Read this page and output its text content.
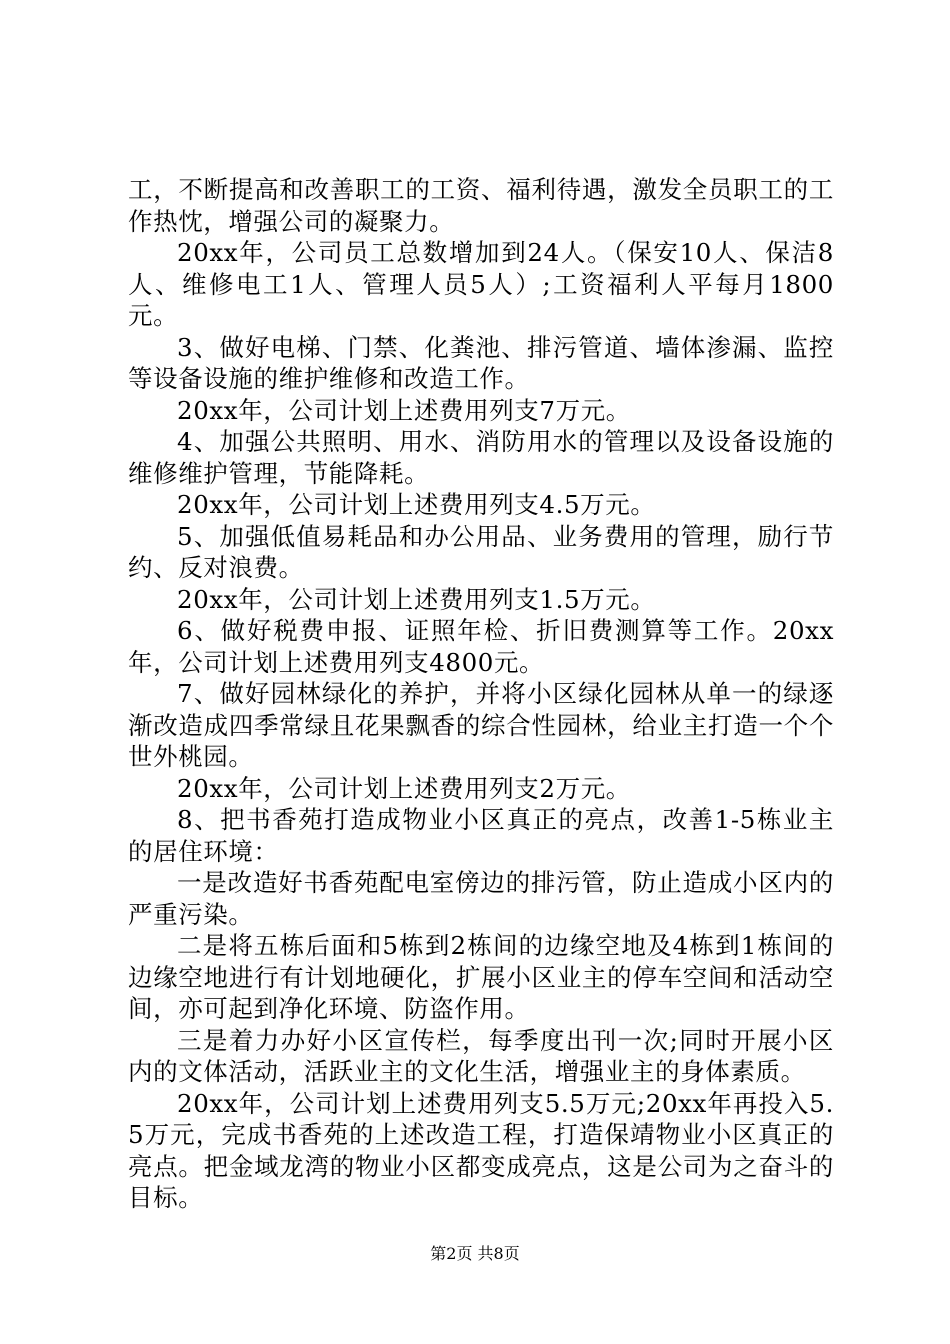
工，不断提高和改善职工的工资、福利待遇，激发全员职工的工作热忱，增强公司的凝聚力。

20xx年，公司员工总数增加到24人。（保安10人、保洁8人、维修电工1人、管理人员5人）;工资福利人平每月1800元。

3、做好电梯、门禁、化粪池、排污管道、墙体渗漏、监控等设备设施的维护维修和改造工作。

20xx年，公司计划上述费用列支7万元。

4、加强公共照明、用水、消防用水的管理以及设备设施的维修维护管理，节能降耗。

20xx年，公司计划上述费用列支4.5万元。

5、加强低值易耗品和办公用品、业务费用的管理，励行节约、反对浪费。

20xx年，公司计划上述费用列支1.5万元。

6、做好税费申报、证照年检、折旧费测算等工作。20xx年，公司计划上述费用列支4800元。

7、做好园林绿化的养护，并将小区绿化园林从单一的绿逐渐改造成四季常绿且花果飘香的综合性园林，给业主打造一个个世外桃园。

20xx年，公司计划上述费用列支2万元。

8、把书香苑打造成物业小区真正的亮点，改善1-5栋业主的居住环境：

一是改造好书香苑配电室傍边的排污管，防止造成小区内的严重污染。

二是将五栋后面和5栋到2栋间的边缘空地及4栋到1栋间的边缘空地进行有计划地硬化，扩展小区业主的停车空间和活动空间，亦可起到净化环境、防盗作用。

三是着力办好小区宣传栏，每季度出刊一次;同时开展小区内的文体活动，活跃业主的文化生活，增强业主的身体素质。

20xx年，公司计划上述费用列支5.5万元;20xx年再投入5.5万元，完成书香苑的上述改造工程，打造保靖物业小区真正的亮点。把金域龙湾的物业小区都变成亮点，这是公司为之奋斗的目标。

第2页 共8页
